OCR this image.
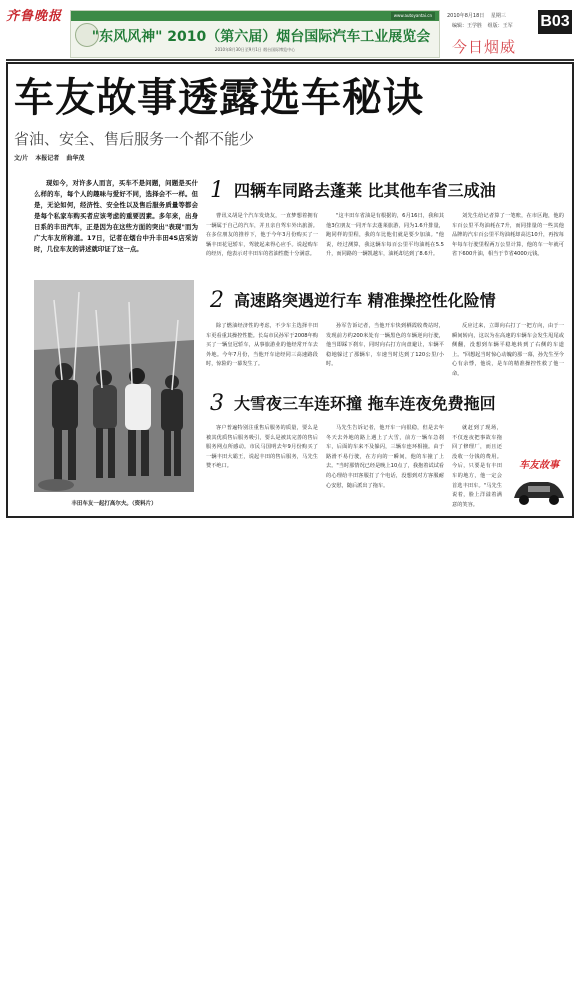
齐鲁晚报
	www.autoyantai.cn
"东风风神" 2010（第六届）烟台国际汽车工业展览会
2010年8月30日至9月1日 烟台国际博览中心
2010年8月18日 星期三
编辑：王学胜 组版：王军 B03
今日烟威
车友故事透露选车秘诀
省油、安全、售后服务一个都不能少
文/片 本报记者 曲华茂
现如今，对许多人而言，买车不是问题，问题是买什么样的车，每个人的趣味与爱好不同，选择会不一样。但是，无论如何，经济性、安全性以及售后服务质量等都会是每个私家车购买者应该考虑的重要因素。多年来，出身日系的丰田汽车，正是因为在这些方面的突出"表现"而为广大车友所称道。17日，记者在烟台中升丰田4S店采访时，几位车友的讲述就印证了这一点。
丰田车友一起打高尔夫。（资料片）
1 四辆车同路去蓬莱 比其他车省三成油

曹讯义胡是个汽车发烧友，一直梦想着拥有一辆属于自己的汽车，并且亲自驾车外出旅游。在多位朋友的推荐下，他于今年3月份购买了一辆丰田花冠轿车，驾驶起来得心应手。说起购车的经历，他表示对丰田车的省油性能十分满意。

"这丰田车省油是有根据的，6月16日，我和其他3位朋友一同开车去蓬莱旅游，同为1.6升排量，跑同样的里程，我的车比他们就是要少加油。"他说，经过测算，我这辆车每百公里平均油耗在5.5升，而同路的一辆凯越车，油耗却达到了8.6升。

刘先生给记者算了一笔账，在市区跑，他的车百公里平均油耗在7升，而同排量的一些其他品牌的汽车百公里平均油耗却高达10升，再按每年每车行驶里程两万公里计算，他的车一年就可省下600升油，相当于节省4000元钱。

2 高速路突遇逆行车 精准操控性化险情

除了燃油经济性的考虑，不少车主选择丰田车更看重其操控性能。长岛市民孙军于2008年购买了一辆皇冠轿车，从事旅游业的他经常开车去外地。今年7月份，当他开车途经同三高速路段时，惊险的一幕发生了。

孙军告诉记者，当他开车快到栖霞收费站时，发现前方约200米处有一辆黑色的车辆逆向行驶，他当即踩下刹车，同时向右打方向盘避让，车辆平稳地躲过了那辆车，车速当时达到了120公里/小时。

反应过来，立即向右打了一把方向，由于一瞬间转向，这以为在高速的车辆车会发生甩尾或侧翻，没想到车辆平稳地转到了右侧的车道上。"回想起当时惊心动魄的那一幕，孙先生至今心有余悸，他说，是车的精准操控性救了他一命。

3 大雪夜三车连环撞 拖车连夜免费拖回

客户普遍特别注重售后服务的质量，要么是被其优质售后服务吸引，要么是被其完善的售后服务网点所感动。市民马国明去年9月份购买了一辆丰田大霸王，说起丰田的售后服务，马先生赞不绝口。

马先生告诉记者，他开车一向很稳，但是去年冬天去外地的路上遇上了大雪，前方一辆车急刹车，后面的车来不及躲闪，三辆车连环相撞。由于路滑不易行驶，在方向的一瞬间，他的车撞了上去。"当时那情况已经是晚上10点了，我抱着试试看的心理给丰田客服打了个电话，没想到对方客服耐心安慰，随后派出了拖车。

就赶到了现场，不仅连夜把事故车拖回了修理厂，而且还没收一分钱的费用。今后，只要是有丰田车的地方，他一定会首选丰田车。"马先生说着，脸上洋溢着满意的笑容。

车友故事
